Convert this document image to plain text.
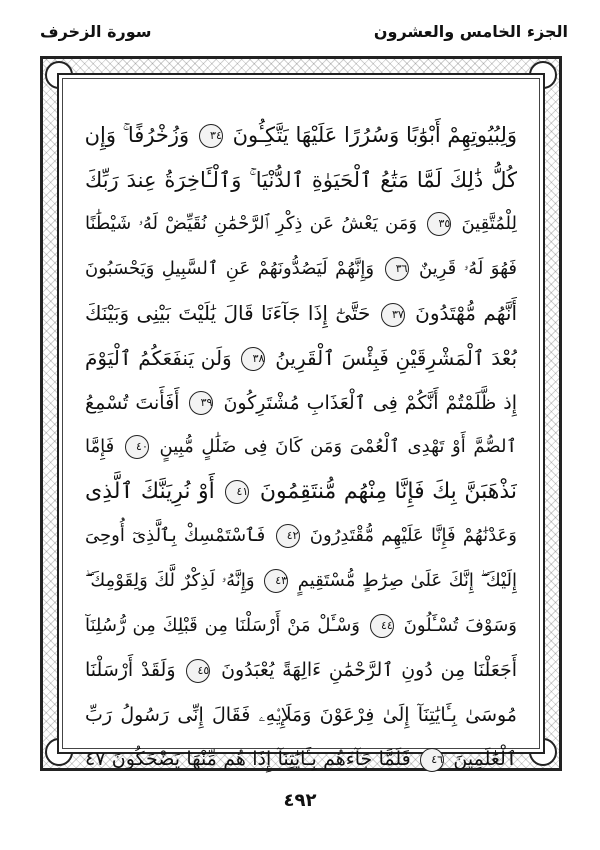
الجزء الخامس والعشرون
سورة الزخرف
وَلِبُيُوتِهِمْ أَبْوَٰبًا وَسُرُرًا عَلَيْهَا يَتَّكِـُٔونَ ٣٤ وَزُخْرُفًا ۚ وَإِن
كُلُّ ذَٰلِكَ لَمَّا مَتَٰعُ ٱلْحَيَوٰةِ ٱلدُّنْيَا ۚ وَٱلْـَٔاخِرَةُ عِندَ رَبِّكَ
لِلْمُتَّقِينَ ٣٥ وَمَن يَعْشُ عَن ذِكْرِ ٱلرَّحْمَٰنِ نُقَيِّضْ لَهُۥ شَيْطَٰنًا
فَهُوَ لَهُۥ قَرِينٌ ٣٦ وَإِنَّهُمْ لَيَصُدُّونَهُمْ عَنِ ٱلسَّبِيلِ وَيَحْسَبُونَ
أَنَّهُم مُّهْتَدُونَ ٣٧ حَتَّىٰٓ إِذَا جَآءَنَا قَالَ يَٰلَيْتَ بَيْنِى وَبَيْنَكَ
بُعْدَ ٱلْمَشْرِقَيْنِ فَبِئْسَ ٱلْقَرِينُ ٣٨ وَلَن يَنفَعَكُمُ ٱلْيَوْمَ
إِذ ظَّلَمْتُمْ أَنَّكُمْ فِى ٱلْعَذَابِ مُشْتَرِكُونَ ٣٩ أَفَأَنتَ تُسْمِعُ
ٱلصُّمَّ أَوْ تَهْدِى ٱلْعُمْىَ وَمَن كَانَ فِى ضَلَٰلٍ مُّبِينٍ ٤٠ فَإِمَّا
نَذْهَبَنَّ بِكَ فَإِنَّا مِنْهُم مُّنتَقِمُونَ ٤١ أَوْ نُرِيَنَّكَ ٱلَّذِى
وَعَدْنَٰهُمْ فَإِنَّا عَلَيْهِم مُّقْتَدِرُونَ ٤٢ فَٱسْتَمْسِكْ بِٱلَّذِىٓ أُوحِىَ
إِلَيْكَ ۖ إِنَّكَ عَلَىٰ صِرَٰطٍ مُّسْتَقِيمٍ ٤٣ وَإِنَّهُۥ لَذِكْرٌ لَّكَ وَلِقَوْمِكَ ۖ
وَسَوْفَ تُسْـَٔلُونَ ٤٤ وَسْـَٔلْ مَنْ أَرْسَلْنَا مِن قَبْلِكَ مِن رُّسُلِنَآ
أَجَعَلْنَا مِن دُونِ ٱلرَّحْمَٰنِ ءَالِهَةً يُعْبَدُونَ ٤٥ وَلَقَدْ أَرْسَلْنَا
مُوسَىٰ بِـَٔايَٰتِنَآ إِلَىٰ فِرْعَوْنَ وَمَلَإِي۟هِۦ فَقَالَ إِنِّى رَسُولُ رَبِّ
ٱلْعَٰلَمِينَ ٤٦ فَلَمَّا جَآءَهُم بِـَٔايَٰتِنَآ إِذَا هُم مِّنْهَا يَضْحَكُونَ ٤٧
٤٩٢
